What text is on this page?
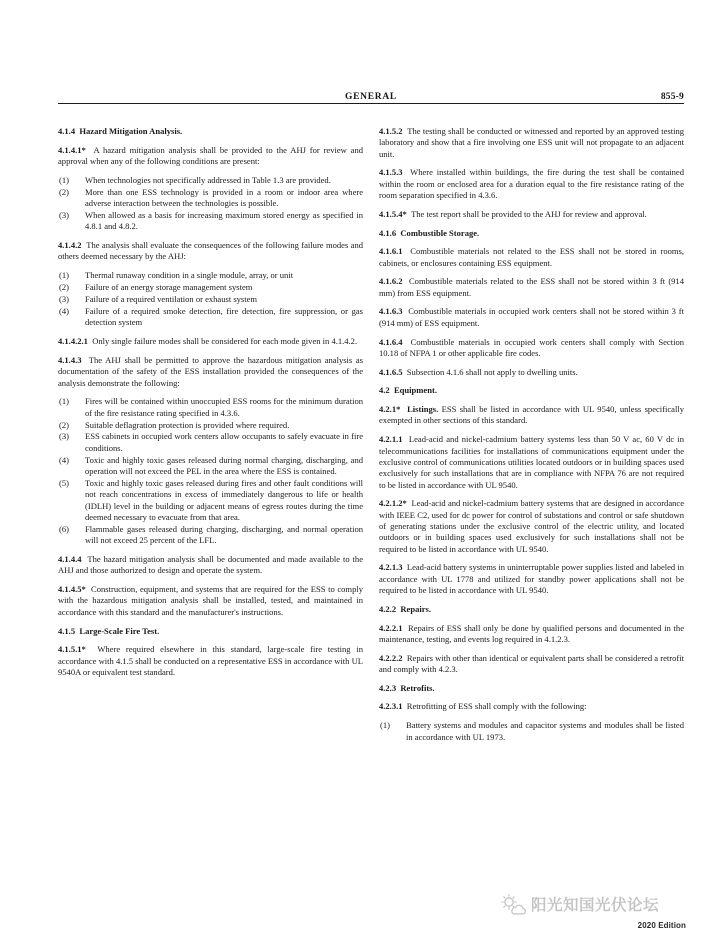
GENERAL	855-9

4.1.4 Hazard Mitigation Analysis.

4.1.4.1* A hazard mitigation analysis shall be provided to the AHJ for review and approval when any of the following conditions are present:

(1)	When technologies not specifically addressed in Table 1.3 are provided.
(2)	More than one ESS technology is provided in a room or indoor area where adverse interaction between the technologies is possible.
(3)	When allowed as a basis for increasing maximum stored energy as specified in 4.8.1 and 4.8.2.

4.1.4.2 The analysis shall evaluate the consequences of the following failure modes and others deemed necessary by the AHJ:

(1)	Thermal runaway condition in a single module, array, or unit
(2)	Failure of an energy storage management system
(3)	Failure of a required ventilation or exhaust system
(4)	Failure of a required smoke detection, fire detection, fire suppression, or gas detection system

4.1.4.2.1 Only single failure modes shall be considered for each mode given in 4.1.4.2.

4.1.4.3 The AHJ shall be permitted to approve the hazardous mitigation analysis as documentation of the safety of the ESS installation provided the consequences of the analysis demonstrate the following:

(1)	Fires will be contained within unoccupied ESS rooms for the minimum duration of the fire resistance rating specified in 4.3.6.
(2)	Suitable deflagration protection is provided where required.
(3)	ESS cabinets in occupied work centers allow occupants to safely evacuate in fire conditions.
(4)	Toxic and highly toxic gases released during normal charging, discharging, and operation will not exceed the PEL in the area where the ESS is contained.
(5)	Toxic and highly toxic gases released during fires and other fault conditions will not reach concentrations in excess of immediately dangerous to life or health (IDLH) level in the building or adjacent means of egress routes during the time deemed necessary to evacuate from that area.
(6)	Flammable gases released during charging, discharging, and normal operation will not exceed 25 percent of the LFL.

4.1.4.4 The hazard mitigation analysis shall be documented and made available to the AHJ and those authorized to design and operate the system.

4.1.4.5* Construction, equipment, and systems that are required for the ESS to comply with the hazardous mitigation analysis shall be installed, tested, and maintained in accordance with this standard and the manufacturer's instructions.

4.1.5 Large-Scale Fire Test.

4.1.5.1* Where required elsewhere in this standard, large-scale fire testing in accordance with 4.1.5 shall be conducted on a representative ESS in accordance with UL 9540A or equivalent test standard.

4.1.5.2 The testing shall be conducted or witnessed and reported by an approved testing laboratory and show that a fire involving one ESS unit will not propagate to an adjacent unit.

4.1.5.3 Where installed within buildings, the fire during the test shall be contained within the room or enclosed area for a duration equal to the fire resistance rating of the room separation specified in 4.3.6.

4.1.5.4* The test report shall be provided to the AHJ for review and approval.

4.1.6 Combustible Storage.

4.1.6.1 Combustible materials not related to the ESS shall not be stored in rooms, cabinets, or enclosures containing ESS equipment.

4.1.6.2 Combustible materials related to the ESS shall not be stored within 3 ft (914 mm) from ESS equipment.

4.1.6.3 Combustible materials in occupied work centers shall not be stored within 3 ft (914 mm) of ESS equipment.

4.1.6.4 Combustible materials in occupied work centers shall comply with Section 10.18 of NFPA 1 or other applicable fire codes.

4.1.6.5 Subsection 4.1.6 shall not apply to dwelling units.

4.2 Equipment.

4.2.1* Listings. ESS shall be listed in accordance with UL 9540, unless specifically exempted in other sections of this standard.

4.2.1.1 Lead-acid and nickel-cadmium battery systems less than 50 V ac, 60 V dc in telecommunications facilities for installations of communications equipment under the exclusive control of communications utilities located outdoors or in building spaces used exclusively for such installations that are in compliance with NFPA 76 are not required to be listed in accordance with UL 9540.

4.2.1.2* Lead-acid and nickel-cadmium battery systems that are designed in accordance with IEEE C2, used for dc power for control of substations and control or safe shutdown of generating stations under the exclusive control of the electric utility, and located outdoors or in building spaces used exclusively for such installations shall not be required to be listed in accordance with UL 9540.

4.2.1.3 Lead-acid battery systems in uninterruptable power supplies listed and labeled in accordance with UL 1778 and utilized for standby power applications shall not be required to be listed in accordance with UL 9540.

4.2.2 Repairs.

4.2.2.1 Repairs of ESS shall only be done by qualified persons and documented in the maintenance, testing, and events log required in 4.1.2.3.

4.2.2.2 Repairs with other than identical or equivalent parts shall be considered a retrofit and comply with 4.2.3.

4.2.3 Retrofits.

4.2.3.1 Retrofitting of ESS shall comply with the following:

(1)	Battery systems and modules and capacitor systems and modules shall be listed in accordance with UL 1973.
阳光知国光伏论坛
2020 Edition
